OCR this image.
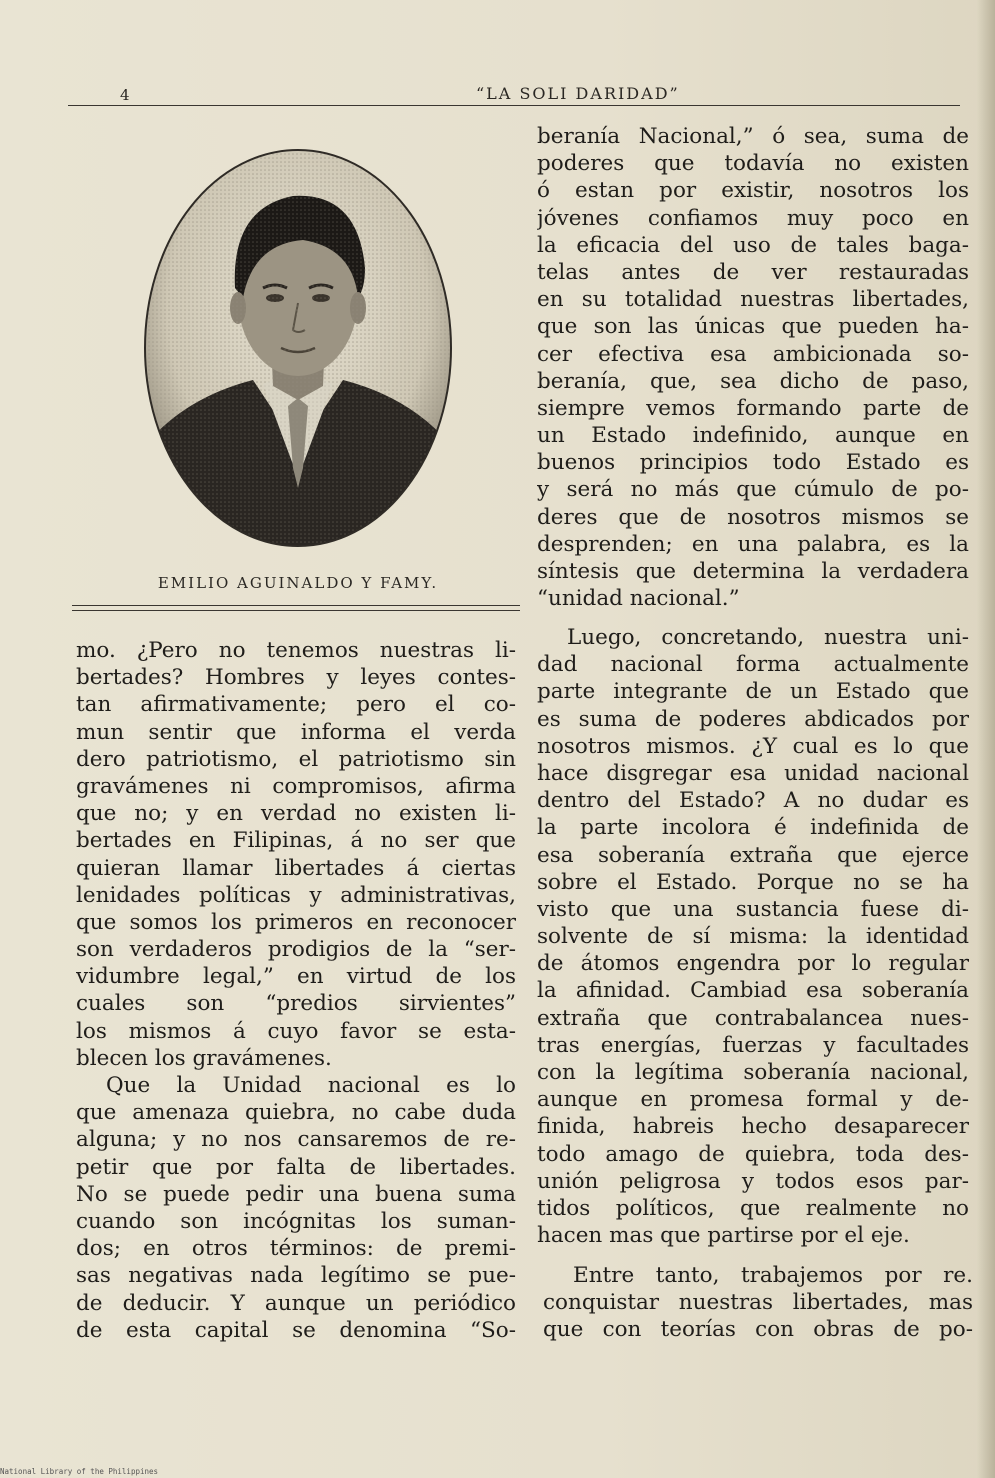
4	“LA SOLI DARIDAD”
EMILIO AGUINALDO Y FAMY.
mo. ¿Pero no tenemos nuestras li-
bertades? Hombres y leyes contes-
tan afirmativamente; pero el co-
mun sentir que informa el verda
dero patriotismo, el patriotismo sin
gravámenes ni compromisos, afirma
que no; y en verdad no existen li-
bertades en Filipinas, á no ser que
quieran llamar libertades á ciertas
lenidades políticas y administrativas,
que somos los primeros en reconocer
son verdaderos prodigios de la “ser-
vidumbre legal,” en virtud de los
cuales son “predios sirvientes”
los mismos á cuyo favor se esta-
blecen los gravámenes.
Que la Unidad nacional es lo
que amenaza quiebra, no cabe duda
alguna; y no nos cansaremos de re-
petir que por falta de libertades.
No se puede pedir una buena suma
cuando son incógnitas los suman-
dos; en otros términos: de premi-
sas negativas nada legítimo se pue-
de deducir. Y aunque un periódico
de esta capital se denomina “So-
beranía Nacional,” ó sea, suma de
poderes que todavía no existen
ó estan por existir, nosotros los
jóvenes confiamos muy poco en
la eficacia del uso de tales baga-
telas antes de ver restauradas
en su totalidad nuestras libertades,
que son las únicas que pueden ha-
cer efectiva esa ambicionada so-
beranía, que, sea dicho de paso,
siempre vemos formando parte de
un Estado indefinido, aunque en
buenos principios todo Estado es
y será no más que cúmulo de po-
deres que de nosotros mismos se
desprenden; en una palabra, es la
síntesis que determina la verdadera
“unidad nacional.”
Luego, concretando, nuestra uni-
dad nacional forma actualmente
parte integrante de un Estado que
es suma de poderes abdicados por
nosotros mismos. ¿Y cual es lo que
hace disgregar esa unidad nacional
dentro del Estado? A no dudar es
la parte incolora é indefinida de
esa soberanía extraña que ejerce
sobre el Estado. Porque no se ha
visto que una sustancia fuese di-
solvente de sí misma: la identidad
de átomos engendra por lo regular
la afinidad. Cambiad esa soberanía
extraña que contrabalancea nues-
tras energías, fuerzas y facultades
con la legítima soberanía nacional,
aunque en promesa formal y de-
finida, habreis hecho desaparecer
todo amago de quiebra, toda des-
unión peligrosa y todos esos par-
tidos políticos, que realmente no
hacen mas que partirse por el eje.
Entre tanto, trabajemos por re.
conquistar nuestras libertades, mas
que con teorías con obras de po-
National Library of the Philippines
